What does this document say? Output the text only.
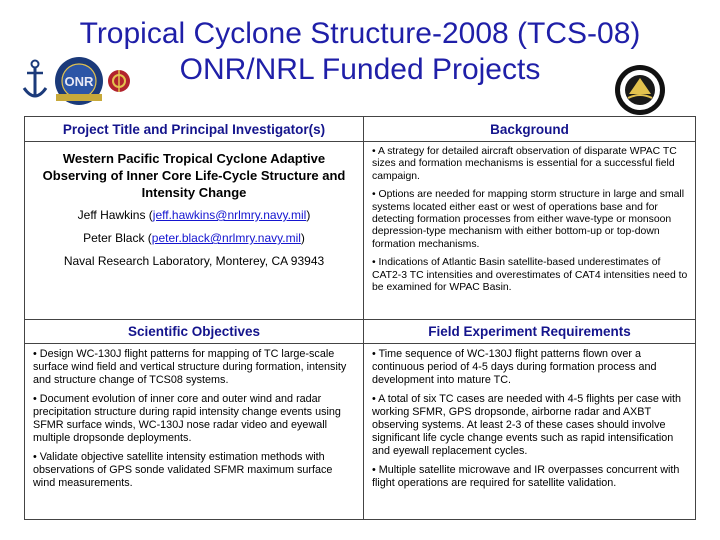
Tropical Cyclone Structure-2008 (TCS-08)
ONR/NRL Funded Projects
ONR
Project Title and Principal Investigator(s)	Background
Western Pacific Tropical Cyclone Adaptive Observing of Inner Core Life-Cycle Structure and Intensity Change

Jeff Hawkins (jeff.hawkins@nrlmry.navy.mil)

Peter Black (peter.black@nrlmry.navy.mil)

Naval Research Laboratory, Monterey, CA 93943

• A strategy for detailed aircraft observation of disparate WPAC TC sizes and formation mechanisms is essential for a successful field campaign.

• Options are needed for mapping storm structure in large and small systems located either east or west of operations base and for detecting formation processes from either wave-type or monsoon depression-type mechanism with either bottom-up or top-down formation mechanisms.

• Indications of Atlantic Basin satellite-based underestimates of CAT2-3 TC intensities and overestimates of CAT4 intensities need to be examined for WPAC Basin.

Scientific Objectives	Field Experiment Requirements

• Design WC-130J flight patterns for mapping of TC large-scale surface wind field and vertical structure during formation, intensity and structure change of TCS08 systems.

• Document evolution of inner core and outer wind and radar precipitation structure during rapid intensity change events using SFMR surface winds, WC-130J nose radar video and eyewall multiple dropsonde deployments.

• Validate objective satellite intensity estimation methods with observations of GPS sonde validated SFMR maximum surface wind measurements.

• Time sequence of WC-130J flight patterns flown over a continuous period of 4-5 days during formation process and development into mature TC.

• A total of six TC cases are needed with 4-5 flights per case with working SFMR, GPS dropsonde, airborne radar and AXBT observing systems. At least 2-3 of these cases should involve significant life cycle change events such as rapid intensification and eyewall replacement cycles.

• Multiple satellite microwave and IR overpasses concurrent with flight operations are required for satellite validation.
